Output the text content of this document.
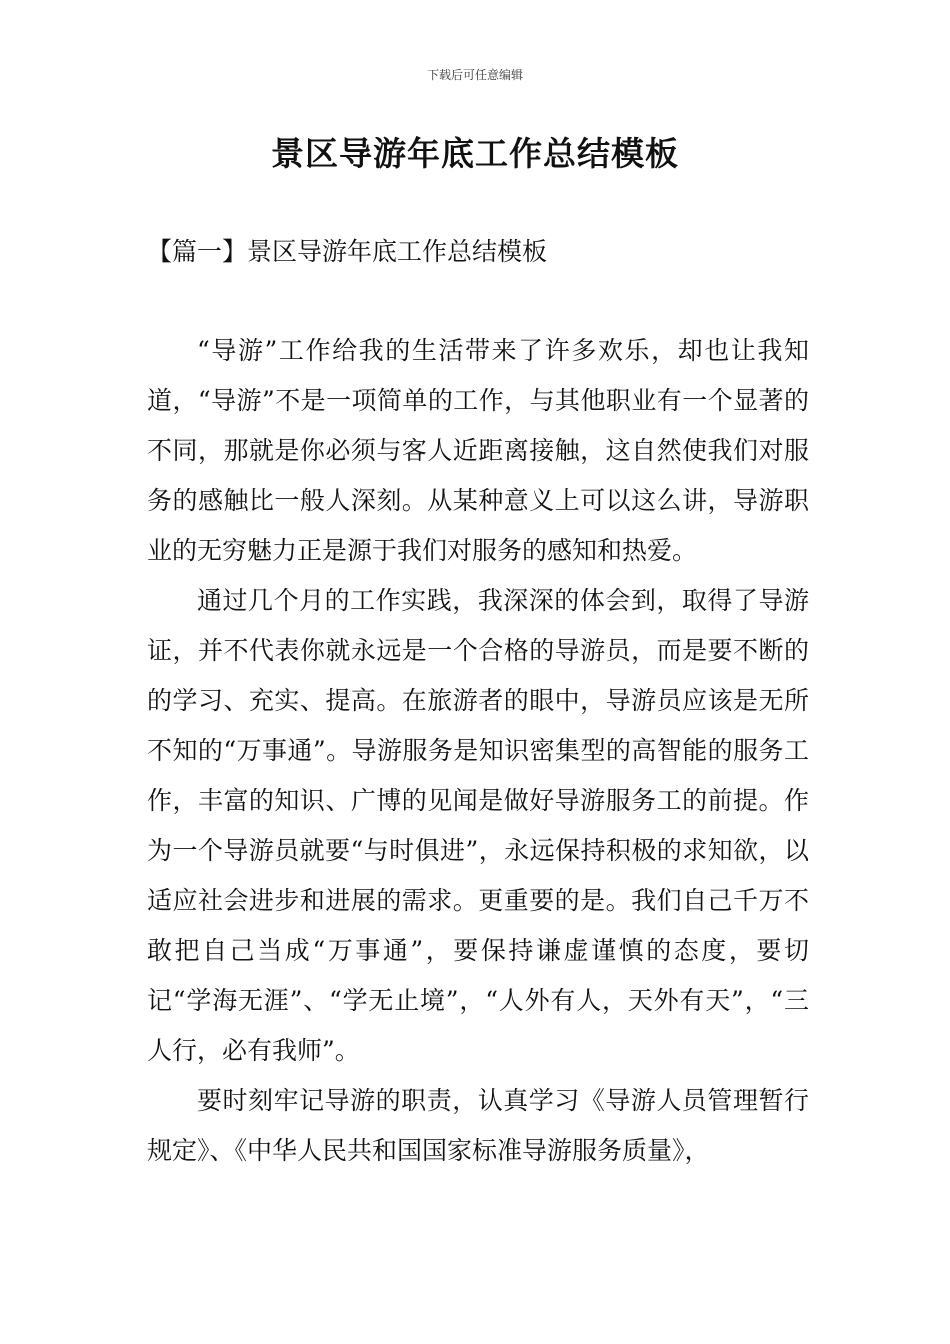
下载后可任意编辑
景区导游年底工作总结模板
【篇一】景区导游年底工作总结模板

“导游”工作给我的生活带来了许多欢乐，却也让我知道，“导游”不是一项简单的工作，与其他职业有一个显著的不同，那就是你必须与客人近距离接触，这自然使我们对服务的感触比一般人深刻。从某种意义上可以这么讲，导游职业的无穷魅力正是源于我们对服务的感知和热爱。

通过几个月的工作实践，我深深的体会到，取得了导游证，并不代表你就永远是一个合格的导游员，而是要不断的的学习、充实、提高。在旅游者的眼中，导游员应该是无所不知的“万事通”。导游服务是知识密集型的高智能的服务工作，丰富的知识、广博的见闻是做好导游服务工的前提。作为一个导游员就要“与时俱进”，永远保持积极的求知欲，以适应社会进步和进展的需求。更重要的是。我们自己千万不敢把自己当成“万事通”，要保持谦虚谨慎的态度，要切记“学海无涯”、“学无止境”，“人外有人，天外有天”，“三人行，必有我师”。

要时刻牢记导游的职责，认真学习《导游人员管理暂行规定》、《中华人民共和国国家标准导游服务质量》，
